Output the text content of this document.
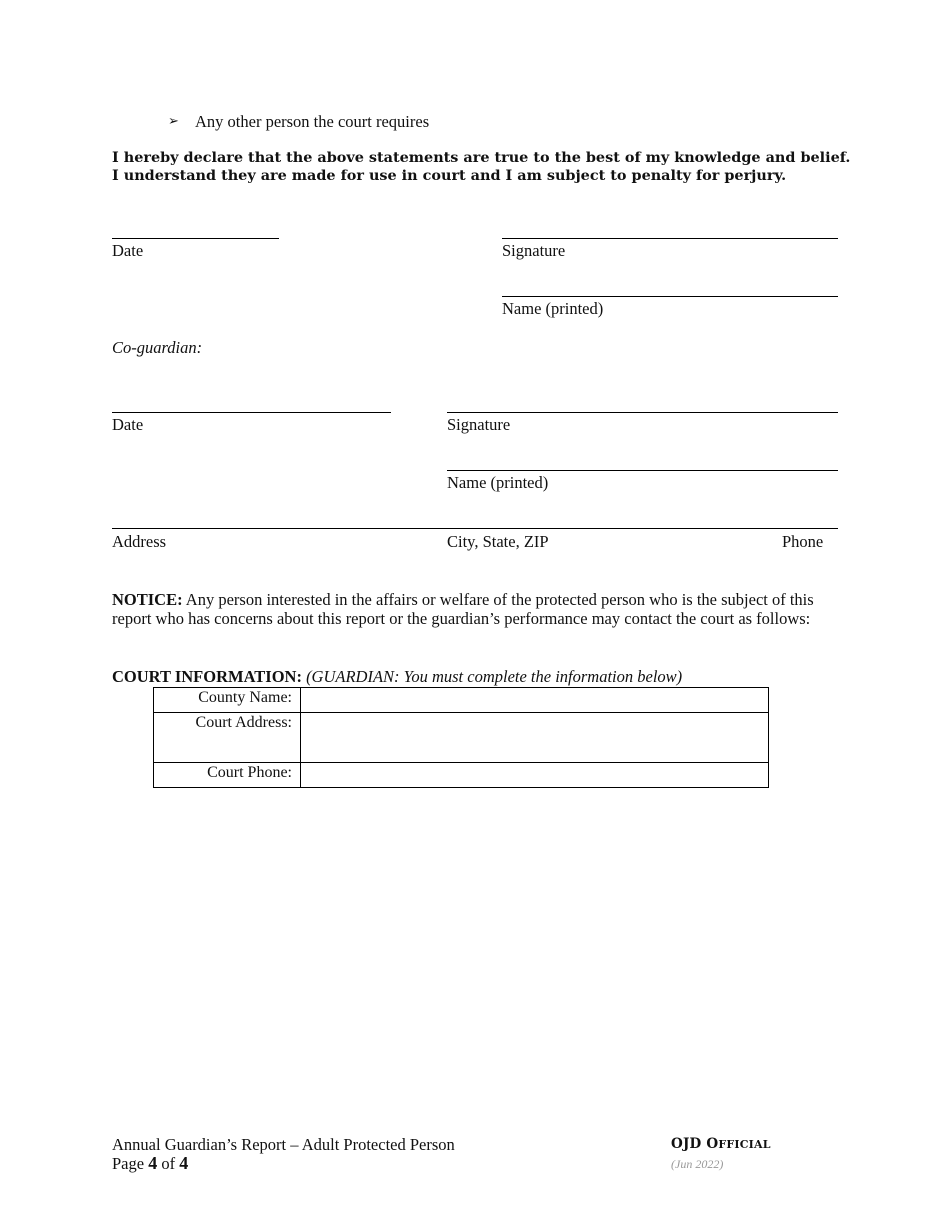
➢ Any other person the court requires
I hereby declare that the above statements are true to the best of my knowledge and belief.
I understand they are made for use in court and I am subject to penalty for perjury.
Date	Signature
Name (printed)
Co-guardian:
Date	Signature
Name (printed)
Address	City, State, ZIP	Phone
NOTICE: Any person interested in the affairs or welfare of the protected person who is the subject of this report who has concerns about this report or the guardian’s performance may contact the court as follows:
COURT INFORMATION: (GUARDIAN: You must complete the information below)
County Name:	
Court Address:	
Court Phone:	
Annual Guardian’s Report – Adult Protected Person
Page 4 of 4
OJD OFFICIAL
(Jun 2022)
